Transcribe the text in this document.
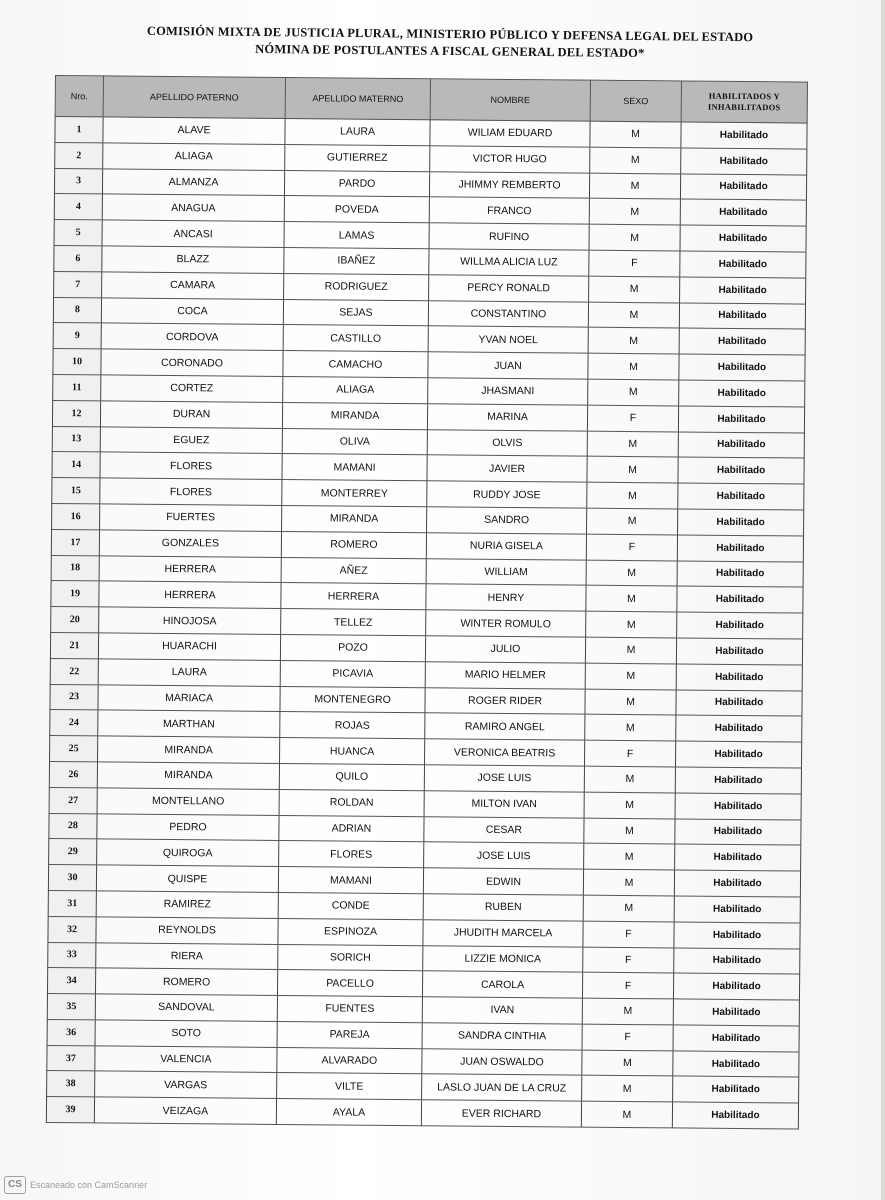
COMISIÓN MIXTA DE JUSTICIA PLURAL, MINISTERIO PÚBLICO Y DEFENSA LEGAL DEL ESTADO
NÓMINA DE POSTULANTES A FISCAL GENERAL DEL ESTADO*
Nro.	APELLIDO PATERNO	APELLIDO MATERNO	NOMBRE	SEXO	HABILITADOS Y INHABILITADOS
1	ALAVE	LAURA	WILIAM EDUARD	M	Habilitado
2	ALIAGA	GUTIERREZ	VICTOR HUGO	M	Habilitado
3	ALMANZA	PARDO	JHIMMY REMBERTO	M	Habilitado
4	ANAGUA	POVEDA	FRANCO	M	Habilitado
5	ANCASI	LAMAS	RUFINO	M	Habilitado
6	BLAZZ	IBAÑEZ	WILLMA ALICIA LUZ	F	Habilitado
7	CAMARA	RODRIGUEZ	PERCY RONALD	M	Habilitado
8	COCA	SEJAS	CONSTANTINO	M	Habilitado
9	CORDOVA	CASTILLO	YVAN NOEL	M	Habilitado
10	CORONADO	CAMACHO	JUAN	M	Habilitado
11	CORTEZ	ALIAGA	JHASMANI	M	Habilitado
12	DURAN	MIRANDA	MARINA	F	Habilitado
13	EGUEZ	OLIVA	OLVIS	M	Habilitado
14	FLORES	MAMANI	JAVIER	M	Habilitado
15	FLORES	MONTERREY	RUDDY JOSE	M	Habilitado
16	FUERTES	MIRANDA	SANDRO	M	Habilitado
17	GONZALES	ROMERO	NURIA GISELA	F	Habilitado
18	HERRERA	AÑEZ	WILLIAM	M	Habilitado
19	HERRERA	HERRERA	HENRY	M	Habilitado
20	HINOJOSA	TELLEZ	WINTER ROMULO	M	Habilitado
21	HUARACHI	POZO	JULIO	M	Habilitado
22	LAURA	PICAVIA	MARIO HELMER	M	Habilitado
23	MARIACA	MONTENEGRO	ROGER RIDER	M	Habilitado
24	MARTHAN	ROJAS	RAMIRO ANGEL	M	Habilitado
25	MIRANDA	HUANCA	VERONICA BEATRIS	F	Habilitado
26	MIRANDA	QUILO	JOSE LUIS	M	Habilitado
27	MONTELLANO	ROLDAN	MILTON IVAN	M	Habilitado
28	PEDRO	ADRIAN	CESAR	M	Habilitado
29	QUIROGA	FLORES	JOSE LUIS	M	Habilitado
30	QUISPE	MAMANI	EDWIN	M	Habilitado
31	RAMIREZ	CONDE	RUBEN	M	Habilitado
32	REYNOLDS	ESPINOZA	JHUDITH MARCELA	F	Habilitado
33	RIERA	SORICH	LIZZIE MONICA	F	Habilitado
34	ROMERO	PACELLO	CAROLA	F	Habilitado
35	SANDOVAL	FUENTES	IVAN	M	Habilitado
36	SOTO	PAREJA	SANDRA CINTHIA	F	Habilitado
37	VALENCIA	ALVARADO	JUAN OSWALDO	M	Habilitado
38	VARGAS	VILTE	LASLO JUAN DE LA CRUZ	M	Habilitado
39	VEIZAGA	AYALA	EVER RICHARD	M	Habilitado
CS Escaneado con CamScanner
